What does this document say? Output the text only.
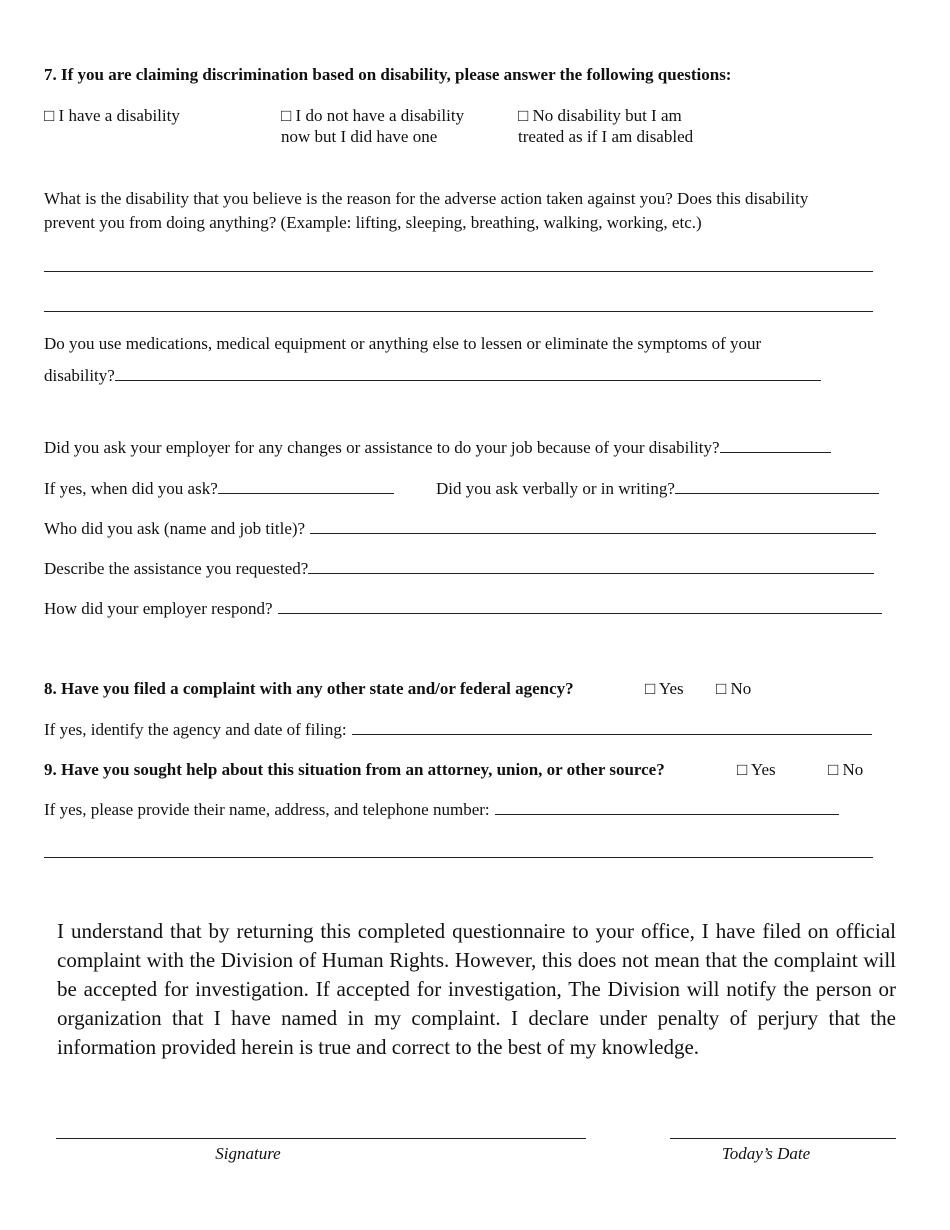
7. If you are claiming discrimination based on disability, please answer the following questions:
□ I have a disability	□ I do not have a disability
now but I did have one
□ No disability but I am
treated as if I am disabled
What is the disability that you believe is the reason for the adverse action taken against you? Does this disability
prevent you from doing anything? (Example: lifting, sleeping, breathing, walking, working, etc.)
Do you use medications, medical equipment or anything else to lessen or eliminate the symptoms of your
disability?
Did you ask your employer for any changes or assistance to do your job because of your disability?
If yes, when did you ask?	Did you ask verbally or in writing?
Who did you ask (name and job title)?
Describe the assistance you requested?
How did your employer respond?
8. Have you filed a complaint with any other state and/or federal agency?	□ Yes □ No
If yes, identify the agency and date of filing:
9. Have you sought help about this situation from an attorney, union, or other source?	□ Yes	□ No
If yes, please provide their name, address, and telephone number:
I understand that by returning this completed questionnaire to your office, I have filed on official complaint with the Division of Human Rights. However, this does not mean that the complaint will be accepted for investigation. If accepted for investigation, The Division will notify the person or organization that I have named in my complaint. I declare under penalty of perjury that the information provided herein is true and correct to the best of my knowledge.
Signature	Today’s Date
